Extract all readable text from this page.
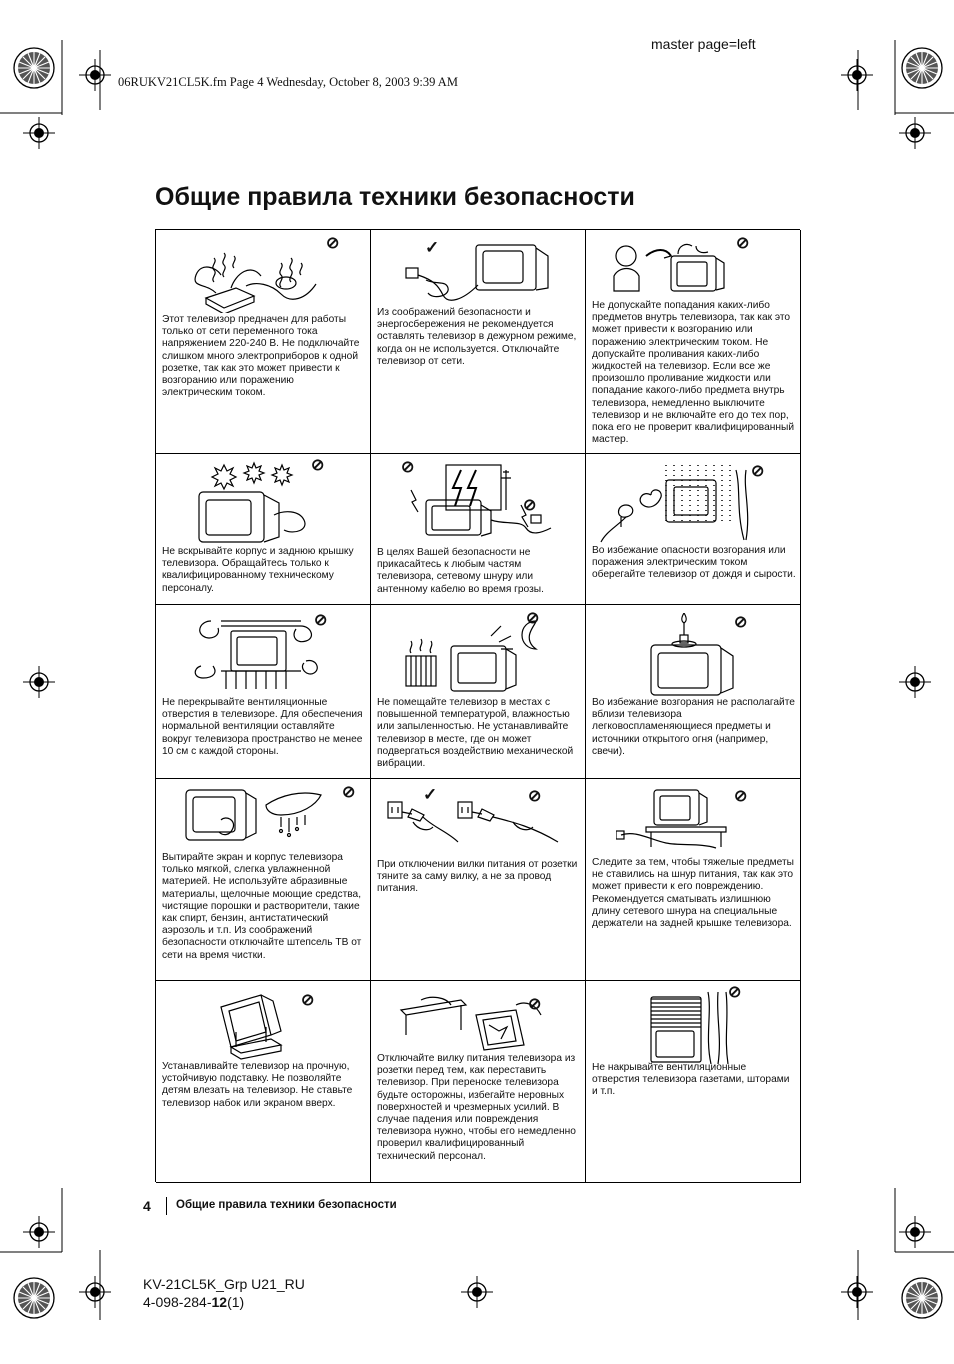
master page=left
06RUKV21CL5K.fm Page 4 Wednesday, October 8, 2003 9:39 AM
Общие правила техники безопасности
⊘
Этот телевизор предначен для работы только от сети переменного тока напряжением 220-240 В. Не подключайте слишком много электроприборов к одной розетке, так как это может привести к возгоранию или поражению электрическим током.
✓
Из соображений безопасности и энергосбережения не рекомендуется оставлять телевизор в дежурном режиме, когда он не используется. Отключайте телевизор от сети.
⊘
Не допускайте попадания каких-либо предметов внутрь телевизора, так как это может привести к возгоранию или поражению электрическим током. Не допускайте проливания каких-либо жидкостей на телевизор. Если все же произошло проливание жидкости или попадание какого-либо предмета внутрь телевизора, немедленно выключите телевизор и не включайте его до тех пор, пока его не проверит квалифицированный мастер.
⊘
Не вскрывайте корпус и заднюю крышку телевизора. Обращайтесь только к квалифицированному техническому персоналу.
⊘
⊘
В целях Вашей безопасности не прикасайтесь к любым частям телевизора, сетевому шнуру или антенному кабелю во время грозы.
⊘
Во избежание опасности возгорания или поражения электрическим током оберегайте телевизор от дождя и сырости.
⊘
Не перекрывайте вентиляционные отверстия в телевизоре. Для обеспечения нормальной вентиляции оставляйте вокруг телевизора пространство не менее 10 см с каждой стороны.
⊘
Не помещайте телевизор в местах с повышенной температурой, влажностью или запыленностью. Не устанавливайте телевизор в месте, где он может подвергаться воздействию механической вибрации.
⊘
Во избежание возгорания не располагайте вблизи телевизора легковоспламеняющиеся предметы и источники открытого огня (например, свечи).
⊘
Вытирайте экран и корпус телевизора только мягкой, слегка увлажненной материей. Не используйте абразивные материалы, щелочные моющие средства, чистящие порошки и растворители, такие как спирт, бензин, антистатический аэрозоль и т.п. Из соображений безопасности отключайте штепсель ТВ от сети на время чистки.
✓	⊘
При отключении вилки питания от розетки тяните за саму вилку, а не за провод питания.
⊘
Следите за тем, чтобы тяжелые предметы не ставились на шнур питания, так как это может привести к его повреждению. Рекомендуется сматывать излишнюю длину сетевого шнура на специальные держатели на задней крышке телевизора.
⊘
Устанавливайте телевизор на прочную, устойчивую подставку. Не позволяйте детям влезать на телевизор. Не ставьте телевизор набок или экраном вверх.
⊘
Отключайте вилку питания телевизора из розетки перед тем, как переставить телевизор. При переноске телевизора будьте осторожны, избегайте неровных поверхностей и чрезмерных усилий. В случае падения или повреждения телевизора нужно, чтобы его немедленно проверил квалифицированный технический персонал.
⊘
Не накрывайте вентиляционные отверстия телевизора газетами, шторами и т.п.
4 Общие правила техники безопасности
KV-21CL5K_Grp U21_RU
4-098-284-12(1)
